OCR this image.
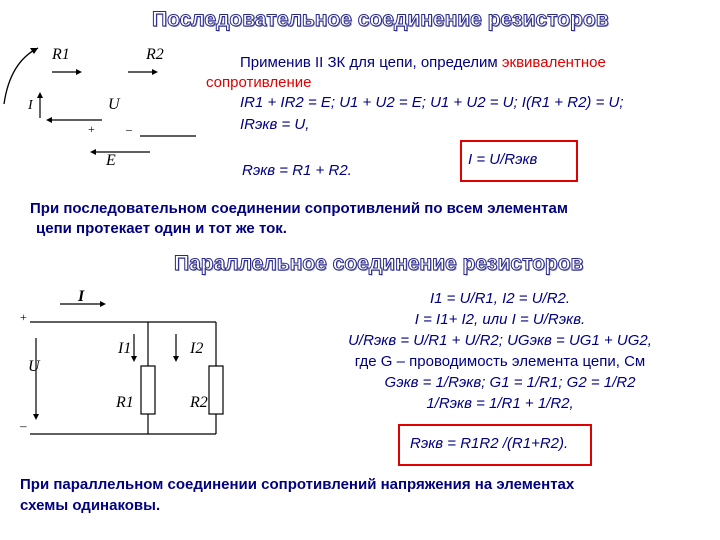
Последовательное соединение резисторов
R1	R2
I	U
+	–
E
Применив II ЗК для цепи, определим эквивалентное
сопротивление
IR1 + IR2 = E; U1 + U2 = E; U1 + U2 = U; I(R1 + R2) = U;
IRэкв = U,
Rэкв = R1 + R2.
I = U/Rэкв
При последовательном соединении сопротивлений по всем элементам
цепи протекает один и тот же ток.
Параллельное соединение резисторов
I
+
I1	I2
U
R1	R2
–
I1 = U/R1, I2 = U/R2.
I = I1+ I2, или I = U/Rэкв.
U/Rэкв = U/R1 + U/R2; UGэкв = UG1 + UG2,
где G – проводимость элемента цепи, См
Gэкв = 1/Rэкв; G1 = 1/R1; G2 = 1/R2
1/Rэкв = 1/R1 + 1/R2,
Rэкв = R1R2 /(R1+R2).
При параллельном соединении сопротивлений напряжения на элементах
схемы одинаковы.
